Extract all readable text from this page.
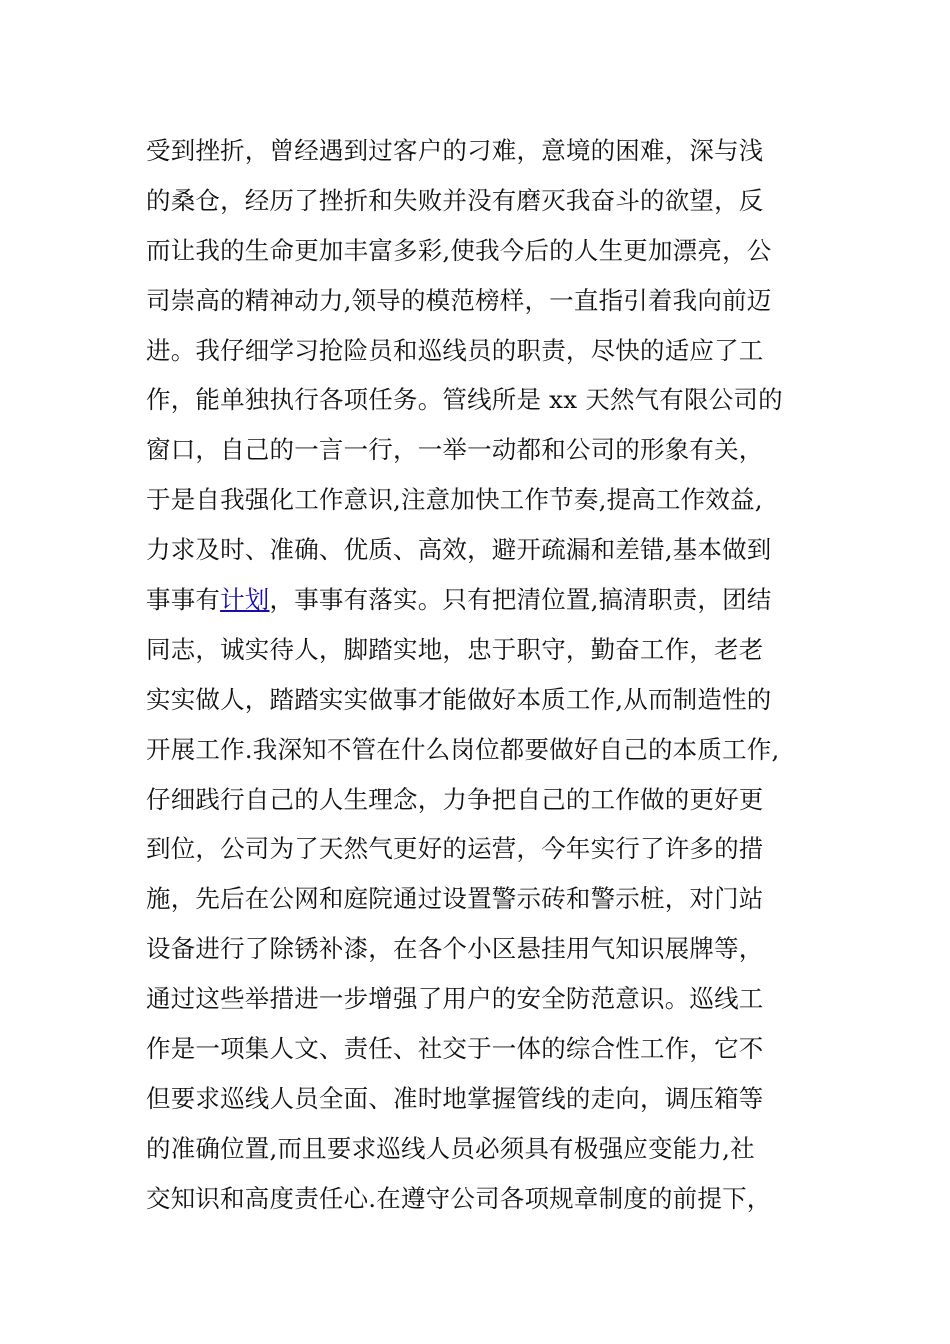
受到挫折，曾经遇到过客户的刁难，意境的困难，深与浅
的桑仓，经历了挫折和失败并没有磨灭我奋斗的欲望，反
而让我的生命更加丰富多彩,使我今后的人生更加漂亮，公
司崇高的精神动力,领导的模范榜样，一直指引着我向前迈
进。我仔细学习抢险员和巡线员的职责，尽快的适应了工
作，能单独执行各项任务。管线所是 xx 天然气有限公司的
窗口，自己的一言一行，一举一动都和公司的形象有关，
于是自我强化工作意识,注意加快工作节奏,提高工作效益,
力求及时、准确、优质、高效，避开疏漏和差错,基本做到
事事有计划，事事有落实。只有把清位置,搞清职责，团结
同志，诚实待人，脚踏实地，忠于职守，勤奋工作，老老
实实做人，踏踏实实做事才能做好本质工作,从而制造性的
开展工作.我深知不管在什么岗位都要做好自己的本质工作,
仔细践行自己的人生理念，力争把自己的工作做的更好更
到位，公司为了天然气更好的运营，今年实行了许多的措
施，先后在公网和庭院通过设置警示砖和警示桩，对门站
设备进行了除锈补漆，在各个小区悬挂用气知识展牌等，
通过这些举措进一步增强了用户的安全防范意识。巡线工
作是一项集人文、责任、社交于一体的综合性工作，它不
但要求巡线人员全面、准时地掌握管线的走向，调压箱等
的准确位置,而且要求巡线人员必须具有极强应变能力,社
交知识和高度责任心.在遵守公司各项规章制度的前提下，
